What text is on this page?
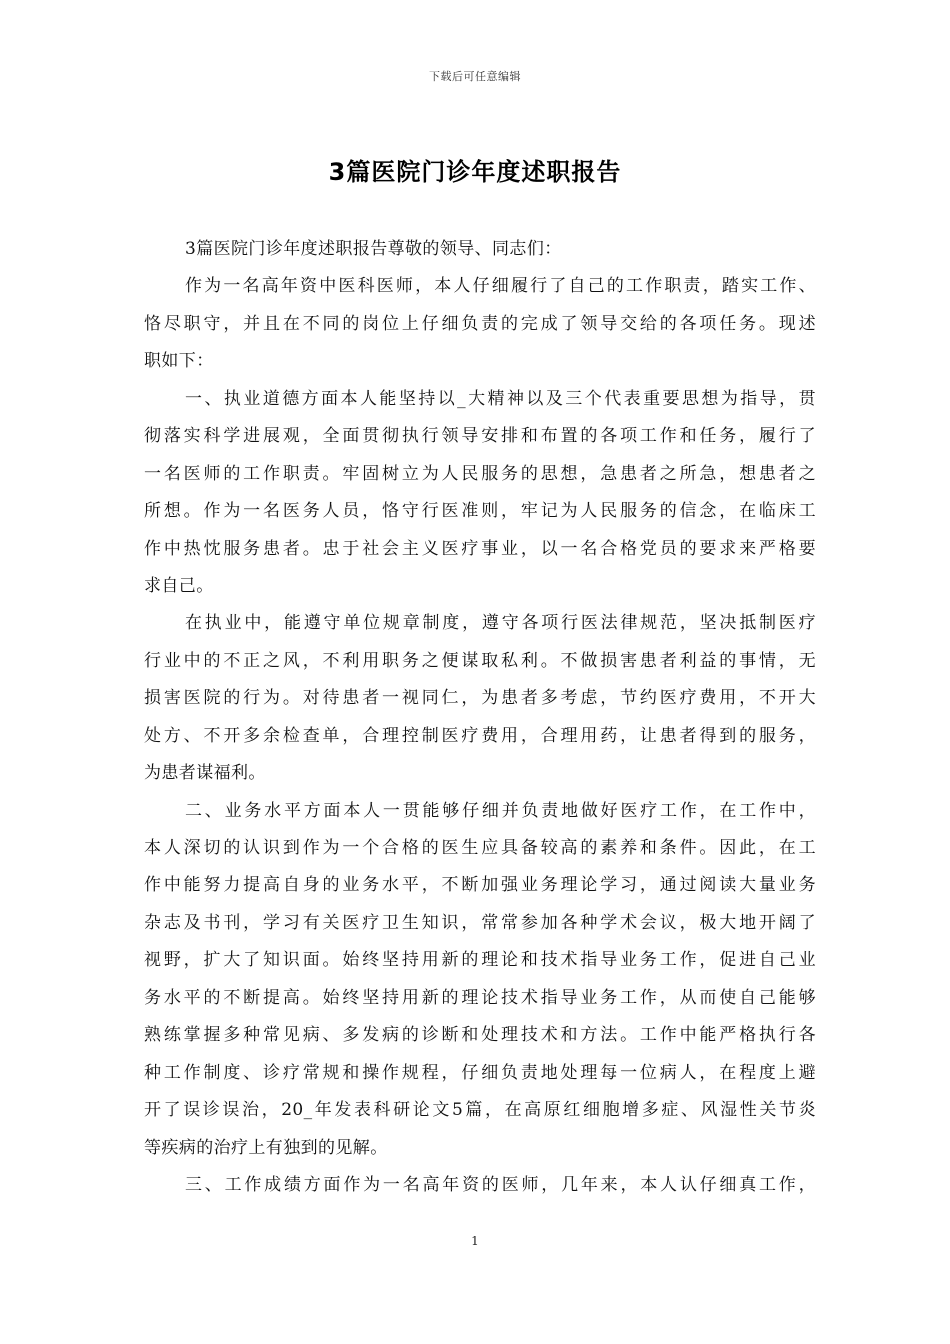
下载后可任意编辑
3篇医院门诊年度述职报告
3篇医院门诊年度述职报告尊敬的领导、同志们：
作为一名高年资中医科医师，本人仔细履行了自己的工作职责，踏实工作、
恪尽职守，并且在不同的岗位上仔细负责的完成了领导交给的各项任务。现述
职如下：
一、执业道德方面本人能坚持以_大精神以及三个代表重要思想为指导，贯
彻落实科学进展观，全面贯彻执行领导安排和布置的各项工作和任务，履行了
一名医师的工作职责。牢固树立为人民服务的思想，急患者之所急，想患者之
所想。作为一名医务人员，恪守行医准则，牢记为人民服务的信念，在临床工
作中热忱服务患者。忠于社会主义医疗事业，以一名合格党员的要求来严格要
求自己。
在执业中，能遵守单位规章制度，遵守各项行医法律规范，坚决抵制医疗
行业中的不正之风，不利用职务之便谋取私利。不做损害患者利益的事情，无
损害医院的行为。对待患者一视同仁，为患者多考虑，节约医疗费用，不开大
处方、不开多余检查单，合理控制医疗费用，合理用药，让患者得到的服务，
为患者谋福利。
二、业务水平方面本人一贯能够仔细并负责地做好医疗工作，在工作中，
本人深切的认识到作为一个合格的医生应具备较高的素养和条件。因此，在工
作中能努力提高自身的业务水平，不断加强业务理论学习，通过阅读大量业务
杂志及书刊，学习有关医疗卫生知识，常常参加各种学术会议，极大地开阔了
视野，扩大了知识面。始终坚持用新的理论和技术指导业务工作，促进自己业
务水平的不断提高。始终坚持用新的理论技术指导业务工作，从而使自己能够
熟练掌握多种常见病、多发病的诊断和处理技术和方法。工作中能严格执行各
种工作制度、诊疗常规和操作规程，仔细负责地处理每一位病人，在程度上避
开了误诊误治，20_年发表科研论文5篇，在高原红细胞增多症、风湿性关节炎
等疾病的治疗上有独到的见解。
三、工作成绩方面作为一名高年资的医师，几年来，本人认仔细真工作，
1
